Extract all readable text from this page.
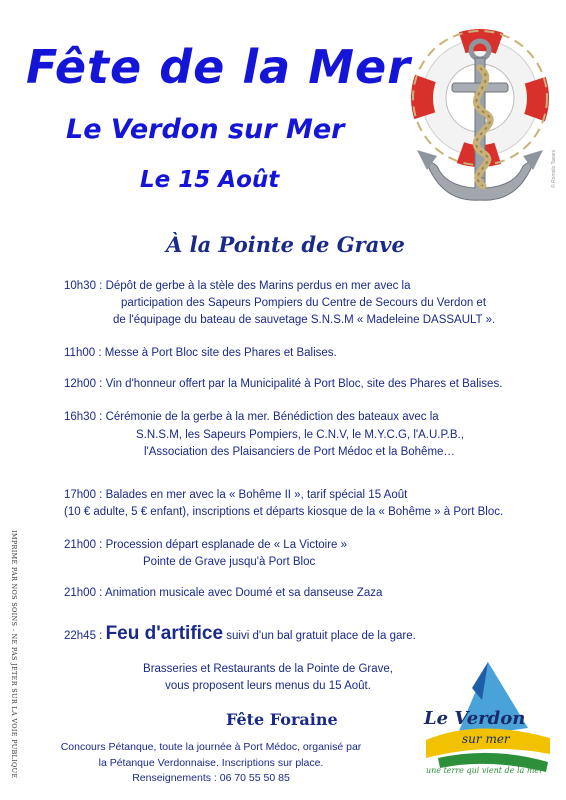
Fête de la Mer
Le Verdon sur Mer
Le 15 Août	© Romolo Tavani
À la Pointe de Grave
10h30 : Dépôt de gerbe à la stèle des Marins perdus en mer avec la
participation des Sapeurs Pompiers du Centre de Secours du Verdon et
de l'équipage du bateau de sauvetage S.N.S.M « Madeleine DASSAULT ».
11h00 : Messe à Port Bloc site des Phares et Balises.
12h00 : Vin d'honneur offert par la Municipalité à Port Bloc, site des Phares et Balises.
16h30 : Cérémonie de la gerbe à la mer. Bénédiction des bateaux avec la
S.N.S.M, les Sapeurs Pompiers, le C.N.V, le M.Y.C.G, l'A.U.P.B.,
l'Association des Plaisanciers de Port Médoc et la Bohême…
17h00 : Balades en mer avec la « Bohême II », tarif spécial 15 Août
(10 € adulte, 5 € enfant), inscriptions et départs kiosque de la « Bohême » à Port Bloc.
21h00 : Procession départ esplanade de « La Victoire »
Pointe de Grave jusqu'à Port Bloc
21h00 : Animation musicale avec Doumé et sa danseuse Zaza
22h45 : Feu d'artifice suivi d'un bal gratuit place de la gare.
Brasseries et Restaurants de la Pointe de Grave,
vous proposent leurs menus du 15 Août.
Fête Foraine
Concours Pétanque, toute la journée à Port Médoc, organisé par
la Pétanque Verdonnaise. Inscriptions sur place.
Renseignements : 06 70 55 50 85
IMPRIMÉ PAR NOS SOINS - NE PAS JETER SUR LA VOIE PUBLIQUE	Le Verdon
sur mer
une terre qui vient de la mer
